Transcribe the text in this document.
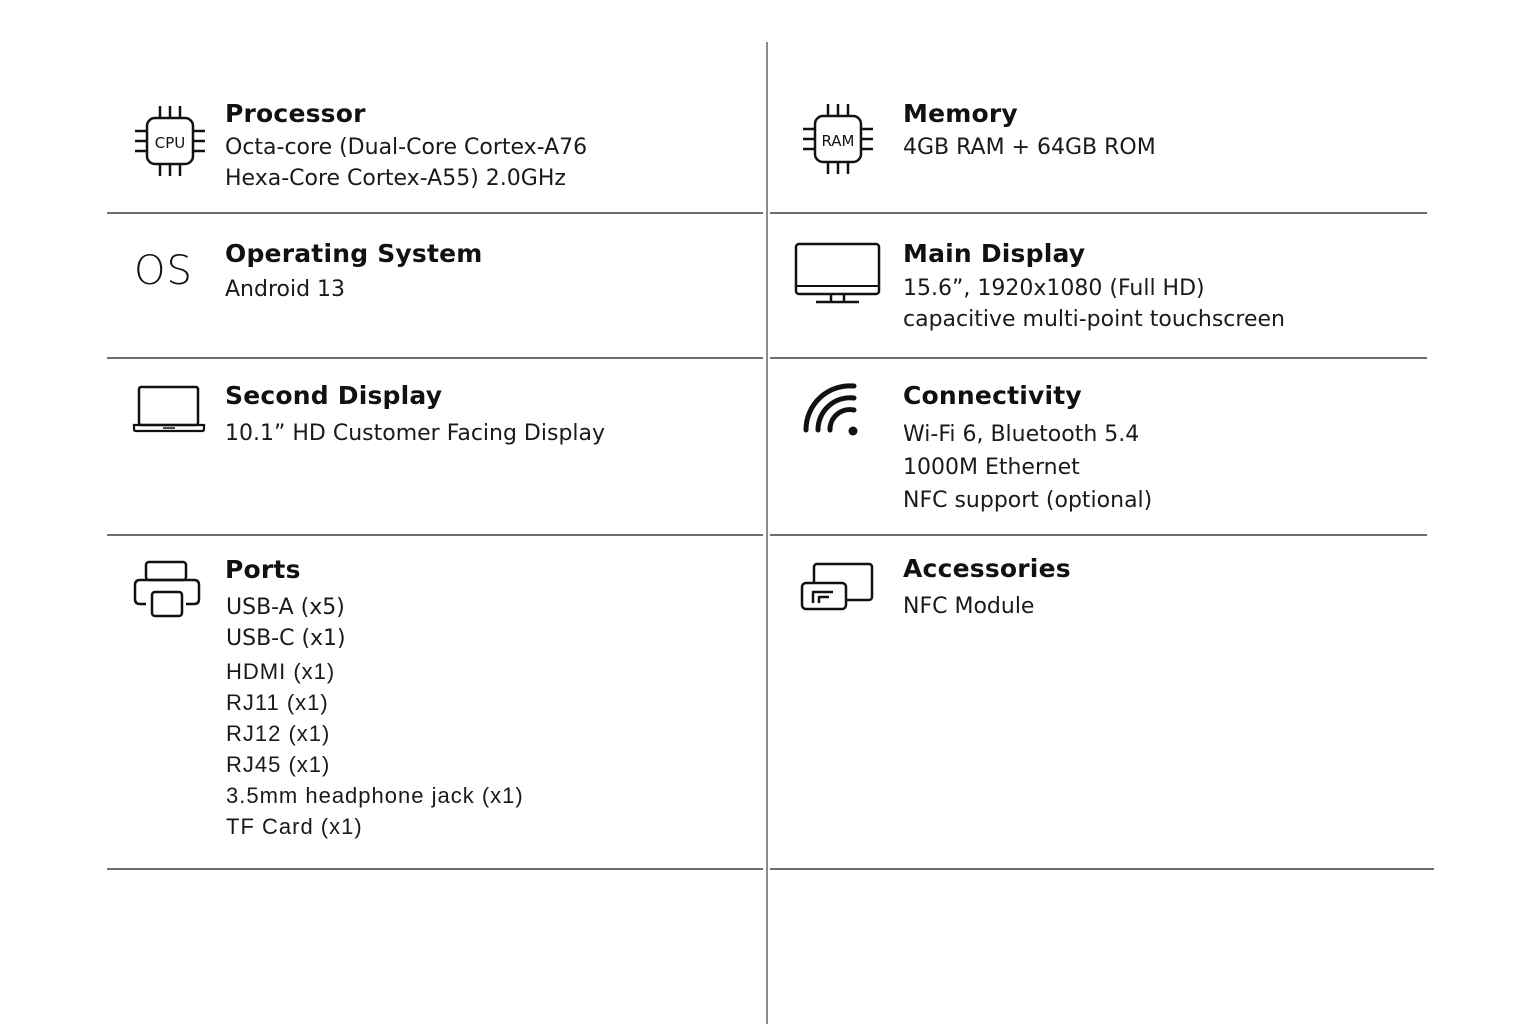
CPU
Processor
Octa-core (Dual-Core Cortex-A76
Hexa-Core Cortex-A55) 2.0GHz
RAM
Memory
4GB RAM + 64GB ROM
OS Operating System
Android 13
Main Display
15.6”, 1920x1080 (Full HD)
capacitive multi-point touchscreen
Second Display
10.1” HD Customer Facing Display
Connectivity
Wi-Fi 6, Bluetooth 5.4
1000M Ethernet
NFC support (optional)
Ports
USB-A (x5)
USB-C (x1)
HDMI (x1)
RJ11 (x1)
RJ12 (x1)
RJ45 (x1)
3.5mm headphone jack (x1)
TF Card (x1)
Accessories
NFC Module
